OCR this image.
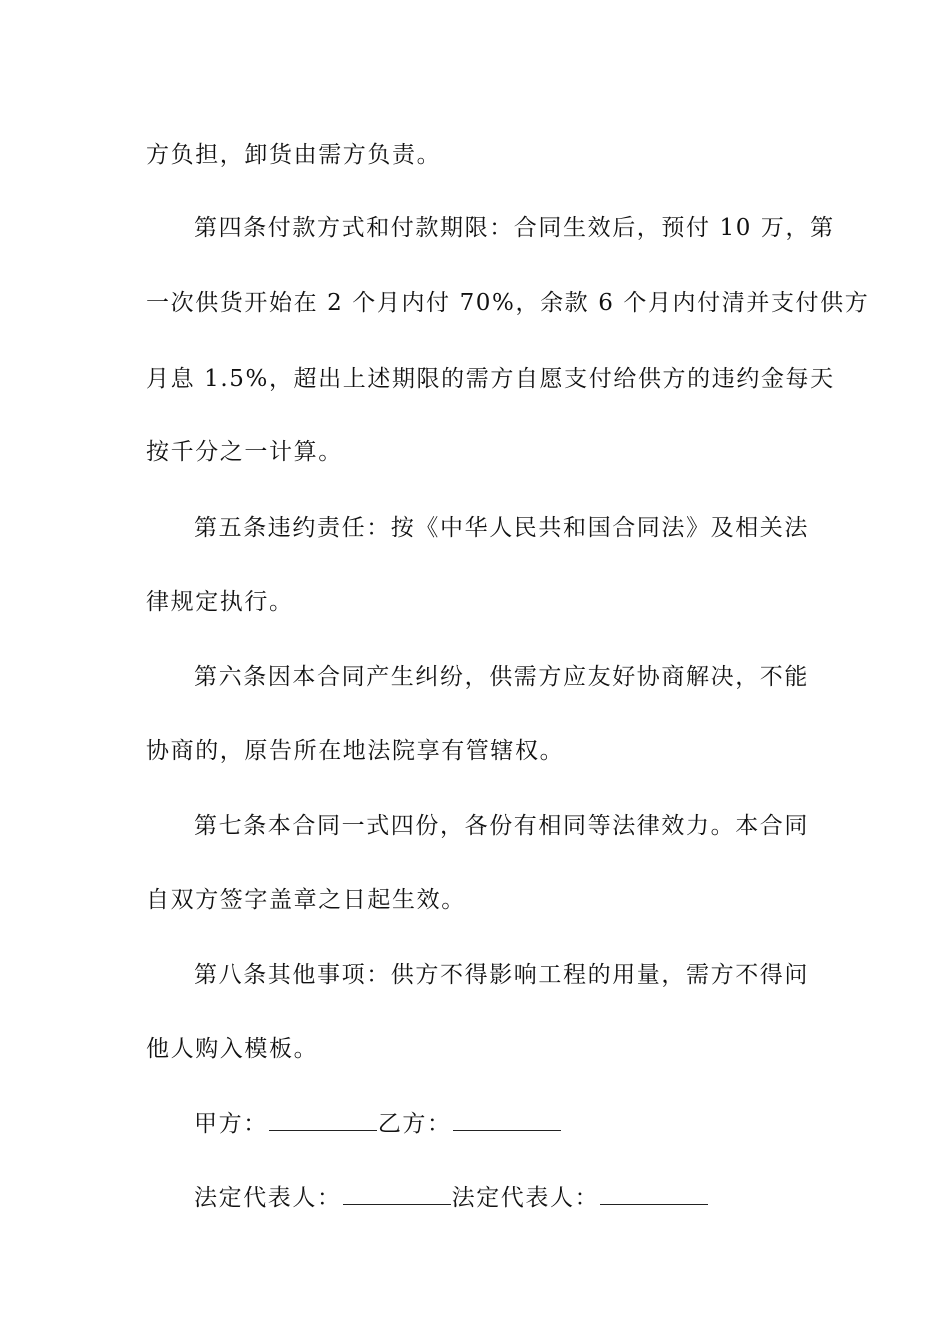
方负担，卸货由需方负责。
第四条付款方式和付款期限：合同生效后，预付 10 万，第
一次供货开始在 2 个月内付 70%，余款 6 个月内付清并支付供方
月息 1.5%，超出上述期限的需方自愿支付给供方的违约金每天
按千分之一计算。
第五条违约责任：按《中华人民共和国合同法》及相关法
律规定执行。
第六条因本合同产生纠纷，供需方应友好协商解决，不能
协商的，原告所在地法院享有管辖权。
第七条本合同一式四份，各份有相同等法律效力。本合同
自双方签字盖章之日起生效。
第八条其他事项：供方不得影响工程的用量，需方不得问
他人购入模板。
甲方：	乙方：
法定代表人：	法定代表人：
